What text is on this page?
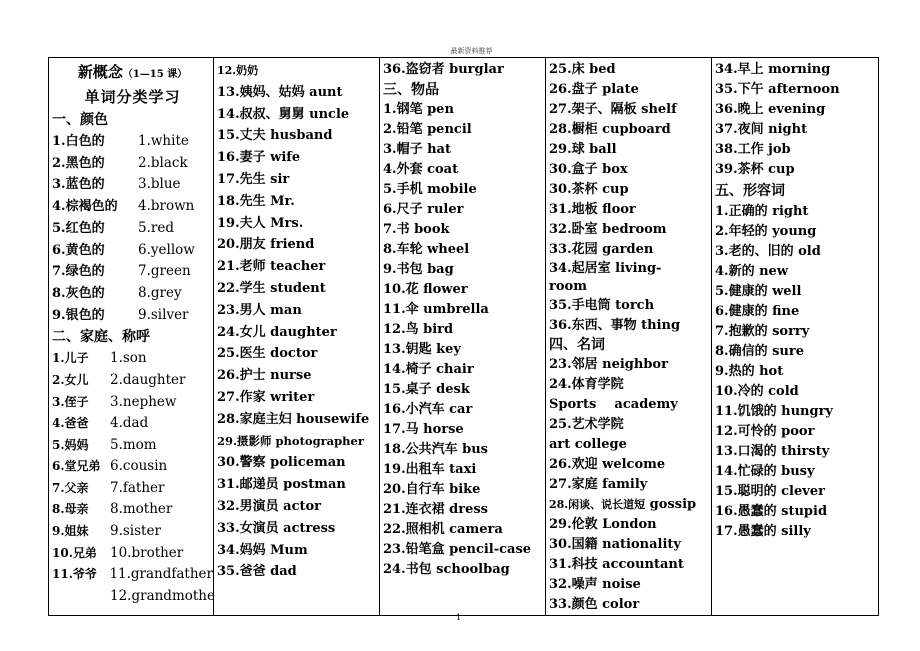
最新资料推荐
新概念（1—15 课）
单词分类学习
一、颜色
1.白色的	1.white
2.黑色的	2.black
3.蓝色的	3.blue
4.棕褐色的	4.brown
5.红色的	5.red
6.黄色的	6.yellow
7.绿色的	7.green
8.灰色的	8.grey
9.银色的	9.silver
二、家庭、称呼
1.儿子	1.son
2.女儿	2.daughter
3.侄子	3.nephew
4.爸爸	4.dad
5.妈妈	5.mom
6.堂兄弟 6.cousin
7.父亲	7.father
8.母亲	8.mother
9.姐妹	9.sister
10.兄弟 10.brother
11.爷爷 11.grandfather
12.grandmothe

12.奶奶
13.姨妈、姑妈 aunt
14.叔叔、舅舅 uncle
15.丈夫 husband
16.妻子 wife
17.先生 sir
18.先生 Mr.
19.夫人 Mrs.
20.朋友 friend
21.老师 teacher
22.学生 student
23.男人 man
24.女儿 daughter
25.医生 doctor
26.护士 nurse
27.作家 writer
28.家庭主妇 housewife
29.摄影师 photographer
30.警察 policeman
31.邮递员 postman
32.男演员 actor
33.女演员 actress
34.妈妈 Mum
35.爸爸 dad

36.盗窃者 burglar
三、物品
1.钢笔 pen
2.铅笔 pencil
3.帽子 hat
4.外套 coat
5.手机 mobile
6.尺子 ruler
7.书 book
8.车轮 wheel
9.书包 bag
10.花 flower
11.伞 umbrella
12.鸟 bird
13.钥匙 key
14.椅子 chair
15.桌子 desk
16.小汽车 car
17.马 horse
18.公共汽车 bus
19.出租车 taxi
20.自行车 bike
21.连衣裙 dress
22.照相机 camera
23.铅笔盒 pencil-case
24.书包 schoolbag

25.床 bed
26.盘子 plate
27.架子、隔板 shelf
28.橱柜 cupboard
29.球 ball
30.盒子 box
30.茶杯 cup
31.地板 floor
32.卧室 bedroom
33.花园 garden
34.起居室 living-
room
35.手电筒 torch
36.东西、事物 thing
四、名词
23.邻居 neighbor
24.体育学院
Sports    academy
25.艺术学院
art college
26.欢迎 welcome
27.家庭 family
28.闲谈、说长道短 gossip
29.伦敦 London
30.国籍 nationality
31.科技 accountant
32.噪声 noise
33.颜色 color

34.早上 morning
35.下午 afternoon
36.晚上 evening
37.夜间 night
38.工作 job
39.茶杯 cup
五、形容词
1.正确的 right
2.年轻的 young
3.老的、旧的 old
4.新的 new
5.健康的 well
6.健康的 fine
7.抱歉的 sorry
8.确信的 sure
9.热的 hot
10.冷的 cold
11.饥饿的 hungry
12.可怜的 poor
13.口渴的 thirsty
14.忙碌的 busy
15.聪明的 clever
16.愚蠢的 stupid
17.愚蠢的 silly
1
